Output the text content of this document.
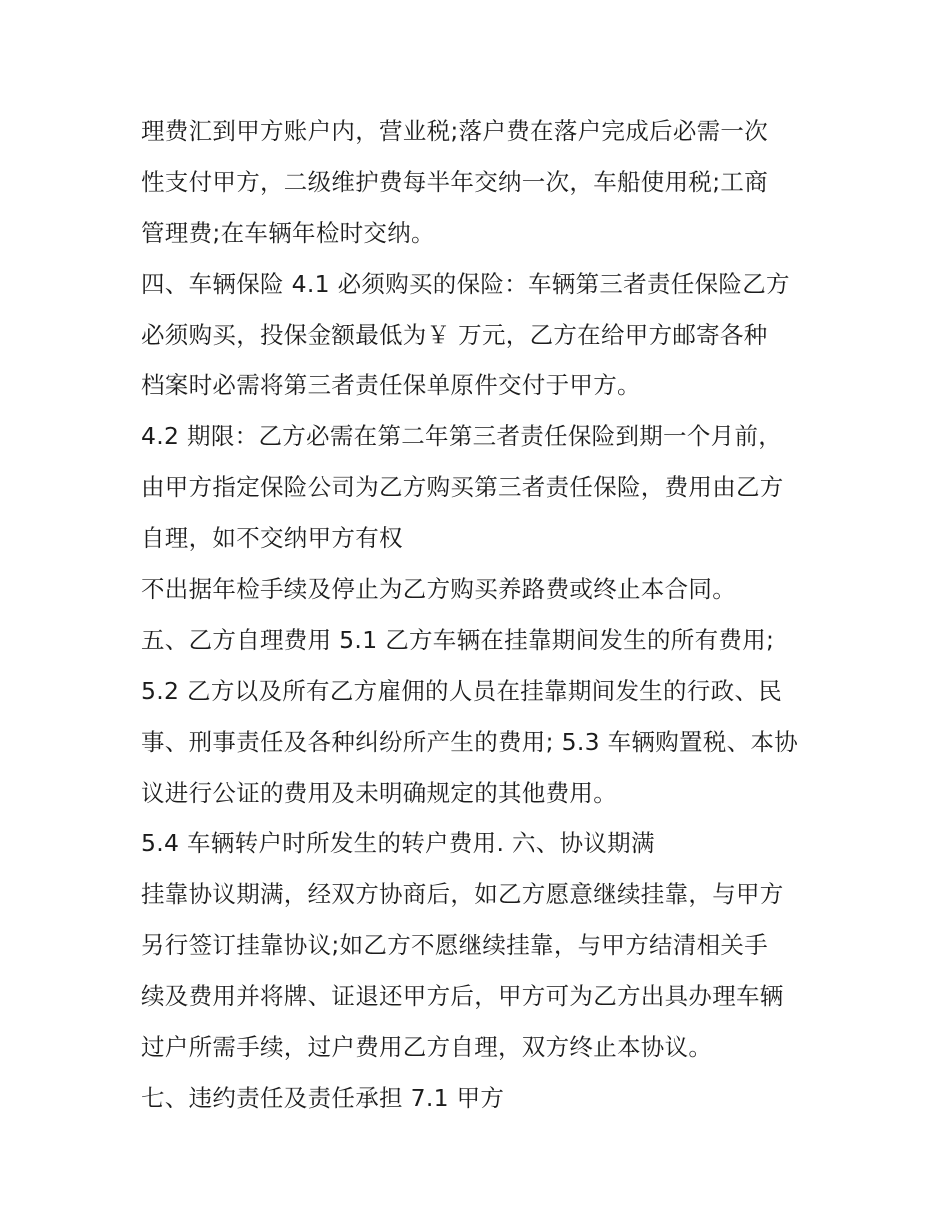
理费汇到甲方账户内，营业税;落户费在落户完成后必需一次
性支付甲方，二级维护费每半年交纳一次，车船使用税;工商
管理费;在车辆年检时交纳。
四、车辆保险 4.1 必须购买的保险：车辆第三者责任保险乙方
必须购买，投保金额最低为￥ 万元，乙方在给甲方邮寄各种
档案时必需将第三者责任保单原件交付于甲方。
4.2 期限：乙方必需在第二年第三者责任保险到期一个月前，
由甲方指定保险公司为乙方购买第三者责任保险，费用由乙方
自理，如不交纳甲方有权
不出据年检手续及停止为乙方购买养路费或终止本合同。
五、乙方自理费用 5.1 乙方车辆在挂靠期间发生的所有费用;
5.2 乙方以及所有乙方雇佣的人员在挂靠期间发生的行政、民
事、刑事责任及各种纠纷所产生的费用; 5.3 车辆购置税、本协
议进行公证的费用及未明确规定的其他费用。
5.4 车辆转户时所发生的转户费用. 六、协议期满
挂靠协议期满，经双方协商后，如乙方愿意继续挂靠，与甲方
另行签订挂靠协议;如乙方不愿继续挂靠，与甲方结清相关手
续及费用并将牌、证退还甲方后，甲方可为乙方出具办理车辆
过户所需手续，过户费用乙方自理，双方终止本协议。
七、违约责任及责任承担 7.1 甲方
